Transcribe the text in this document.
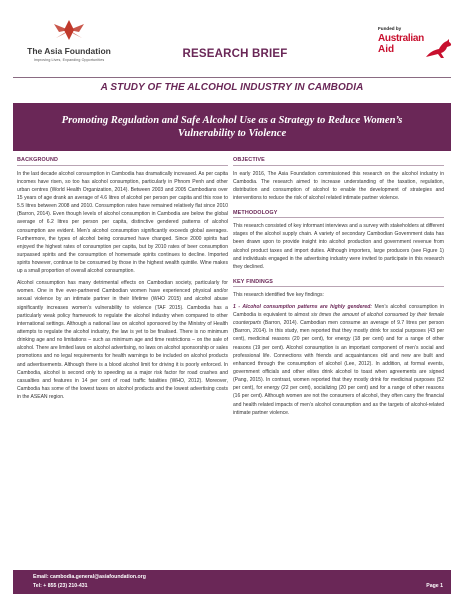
The Asia Foundation
Improving Lives, Expanding Opportunities	RESEARCH BRIEF
Funded by
Australian
Aid
A STUDY OF THE ALCOHOL INDUSTRY IN CAMBODIA
Promoting Regulation and Safe Alcohol Use as a Strategy to Reduce Women’s Vulnerability to Violence
BACKGROUND

In the last decade alcohol consumption in Cambodia has dramatically increased. As per capita incomes have risen, so too has alcohol consumption, particularly in Phnom Penh and other urban centres (World Health Organization, 2014). Between 2003 and 2005 Cambodians over 15 years of age drank an average of 4.6 litres of alcohol per person per capita and this rose to 5.5 litres between 2008 and 2010. Consumption rates have remained relatively flat since 2010 (Barron, 2014). Even though levels of alcohol consumption in Cambodia are below the global average of 6.2 litres per person per capita, distinctive gendered patterns of alcohol consumption are evident. Men’s alcohol consumption significantly exceeds global averages. Furthermore, the types of alcohol being consumed have changed. Since 2000 spirits had enjoyed the highest rates of consumption per capita, but by 2010 rates of beer consumption surpassed spirits and the consumption of homemade spirits continues to decline. Imported spirits however, continue to be consumed by those in the highest wealth quintile. Wine makes up a small proportion of overall alcohol consumption.

Alcohol consumption has many detrimental effects on Cambodian society, particularly for women. One in five ever-partnered Cambodian women have experienced physical and/or sexual violence by an intimate partner in their lifetime (WHO 2015) and alcohol abuse significantly increases women’s vulnerability to violence (TAF 2015). Cambodia has a particularly weak policy framework to regulate the alcohol industry when compared to other international settings. Although a national law on alcohol sponsored by the Ministry of Health attempts to regulate the alcohol industry, the law is yet to be finalised. There is no minimum drinking age and no limitations – such as minimum age and time restrictions – on the sale of alcohol. There are limited laws on alcohol advertising, no laws on alcohol sponsorship or sales promotions and no legal requirements for health warnings to be included on alcohol products and advertisements. Although there is a blood alcohol limit for driving it is poorly enforced. In Cambodia, alcohol is second only to speeding as a major risk factor for road crashes and casualties and features in 14 per cent of road traffic fatalities (WHO, 2012). Moreover, Cambodia has some of the lowest taxes on alcohol products and the lowest advertising costs in the ASEAN region.

OBJECTIVE

In early 2016, The Asia Foundation commissioned this research on the alcohol industry in Cambodia. The research aimed to increase understanding of the taxation, regulation, distribution and consumption of alcohol to enable the development of strategies and interventions to reduce the risk of alcohol related intimate partner violence.

METHODOLOGY

This research consisted of key informant interviews and a survey with stakeholders at different stages of the alcohol supply chain. A variety of secondary Cambodian Government data has been drawn upon to provide insight into alcohol production and government revenue from alcohol product taxes and import duties. Although importers, large producers (see Figure 1) and individuals engaged in the advertising industry were invited to participate in this research they declined.

KEY FINDINGS

This research identified five key findings:

1 - Alcohol consumption patterns are highly gendered: Men’s alcohol consumption in Cambodia is equivalent to almost six times the amount of alcohol consumed by their female counterparts (Barron, 2014). Cambodian men consume an average of 9.7 litres per person (Barron, 2014). In this study, men reported that they mostly drink for social purposes (43 per cent), medicinal reasons (20 per cent), for energy (18 per cent) and for a range of other reasons (19 per cent). Alcohol consumption is an important component of men’s social and professional life. Connections with friends and acquaintances old and new are built and enhanced through the consumption of alcohol (Lee, 2012). In addition, at formal events, government officials and other elites drink alcohol to toast when agreements are signed (Pang, 2015). In contrast, women reported that they mostly drink for medicinal purposes (52 per cent), for energy (22 per cent), socializing (20 per cent) and for a range of other reasons (16 per cent). Although women are not the consumers of alcohol, they often carry the financial and health related impacts of men’s alcohol consumption and as the targets of alcohol-related intimate partner violence.

Email: cambodia.general@asiafoundation.org
Tel: + 855 (23) 210-431	Page 1
